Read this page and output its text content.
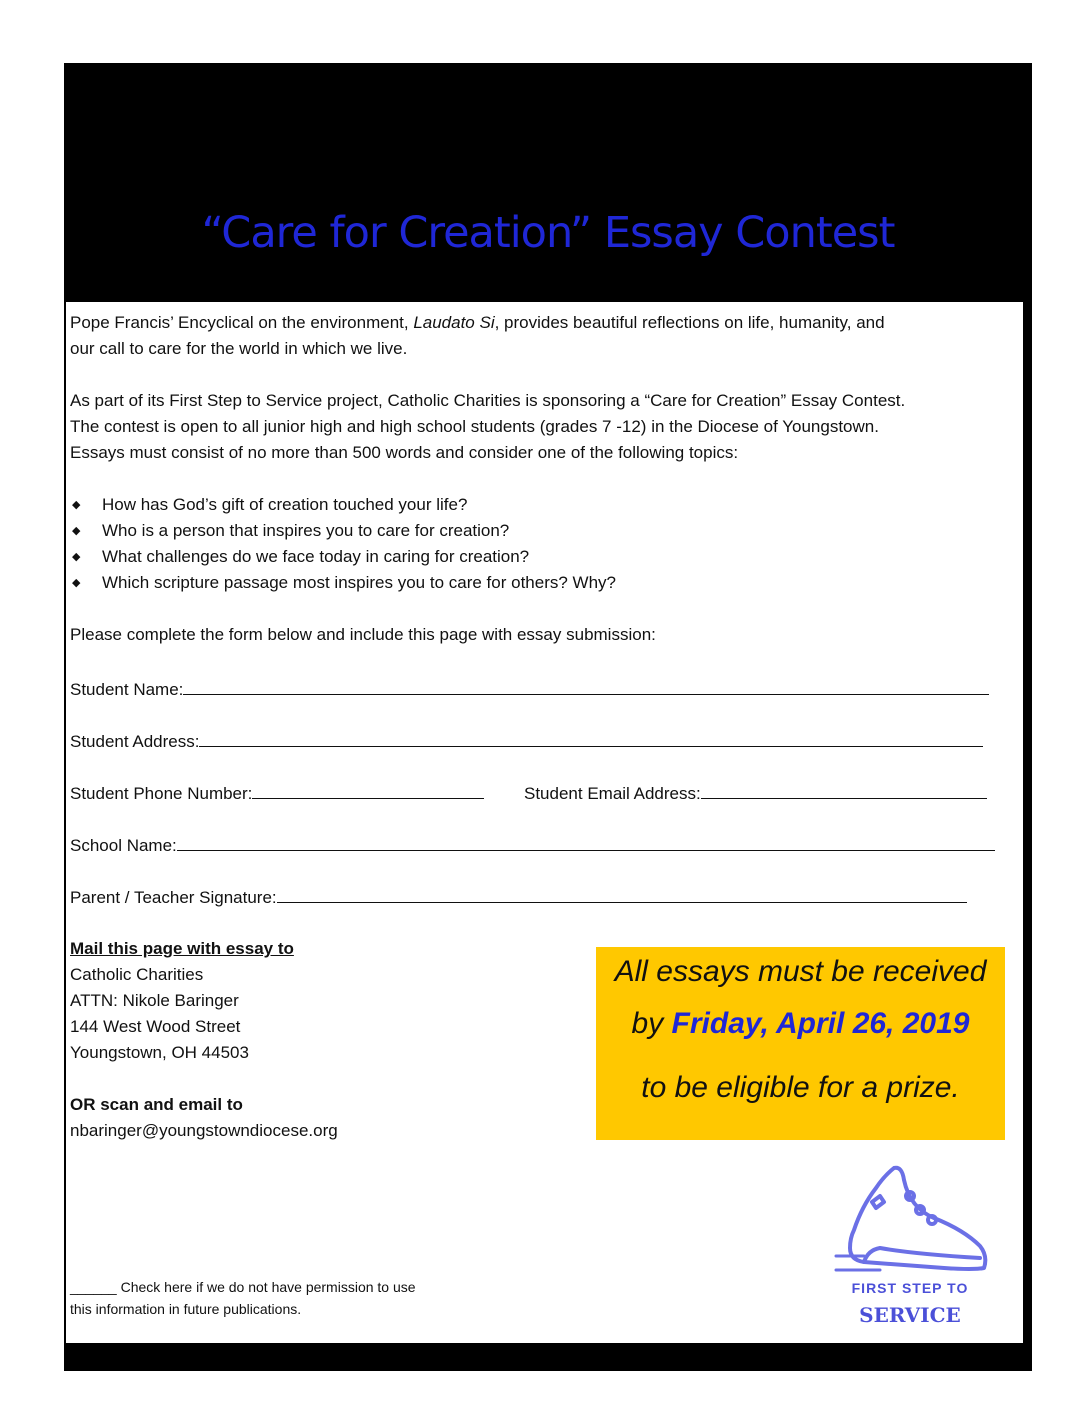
“Care for Creation” Essay Contest

Pope Francis’ Encyclical on the environment, Laudato Si, provides beautiful reflections on life, humanity, and

our call to care for the world in which we live.

As part of its First Step to Service project, Catholic Charities is sponsoring a “Care for Creation” Essay Contest.

The contest is open to all junior high and high school students (grades 7 -12) in the Diocese of Youngstown.

Essays must consist of no more than 500 words and consider one of the following topics:

◆ How has God’s gift of creation touched your life?
◆ Who is a person that inspires you to care for creation?
◆ What challenges do we face today in caring for creation?
◆ Which scripture passage most inspires you to care for others? Why?

Please complete the form below and include this page with essay submission:

Student Name:
Student Address:
Student Phone Number:	Student Email Address:
School Name:
Parent / Teacher Signature:
Mail this page with essay to
Catholic Charities
ATTN: Nikole Baringer
144 West Wood Street
Youngstown, OH 44503
OR scan and email to
nbaringer@youngstowndiocese.org
All essays must be received
by Friday, April 26, 2019
to be eligible for a prize.
______ Check here if we do not have permission to use
this information in future publications.
FIRST STEP TO
SERVICE
